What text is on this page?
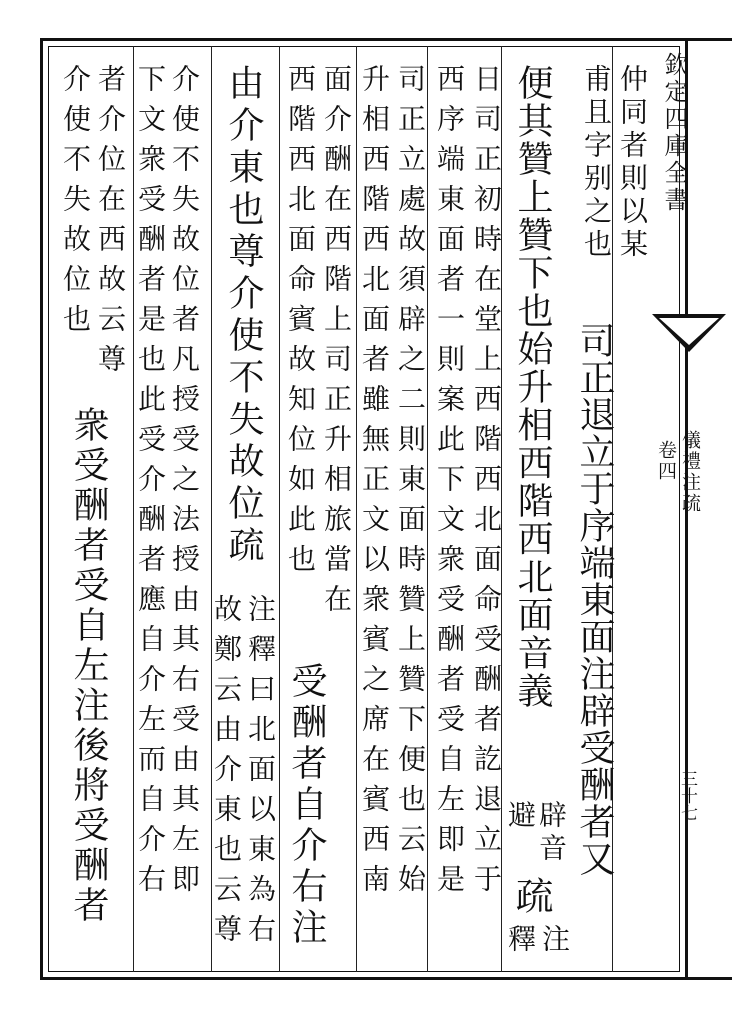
欽定四庫全書
儀禮注疏
卷四
三十七
仲同者則以某
甫且字别之也
司正退立于序端東面注辟受酬者又
便其贊上贊下也始升相西階西北面音義
辟音
避
疏
注
釋
日司正初時在堂上西階西北面命受酬者訖退立于
西序端東面者一則案此下文衆受酬者受自左即是
司正立處故須辟之二則東面時贊上贊下便也云始
升相西階西北面者雖無正文以衆賓之席在賓西南
面介酬在西階上司正升相旅當在
西階西北面命賓故知位如此也
受酬者自介右注
由介東也尊介使不失故位疏
注釋曰北面以東為右
故鄭云由介東也云尊
介使不失故位者凡授受之法授由其右受由其左即
下文衆受酬者是也此受介酬者應自介左而自介右
者介位在西故云尊
介使不失故位也
衆受酬者受自左注後將受酬者
